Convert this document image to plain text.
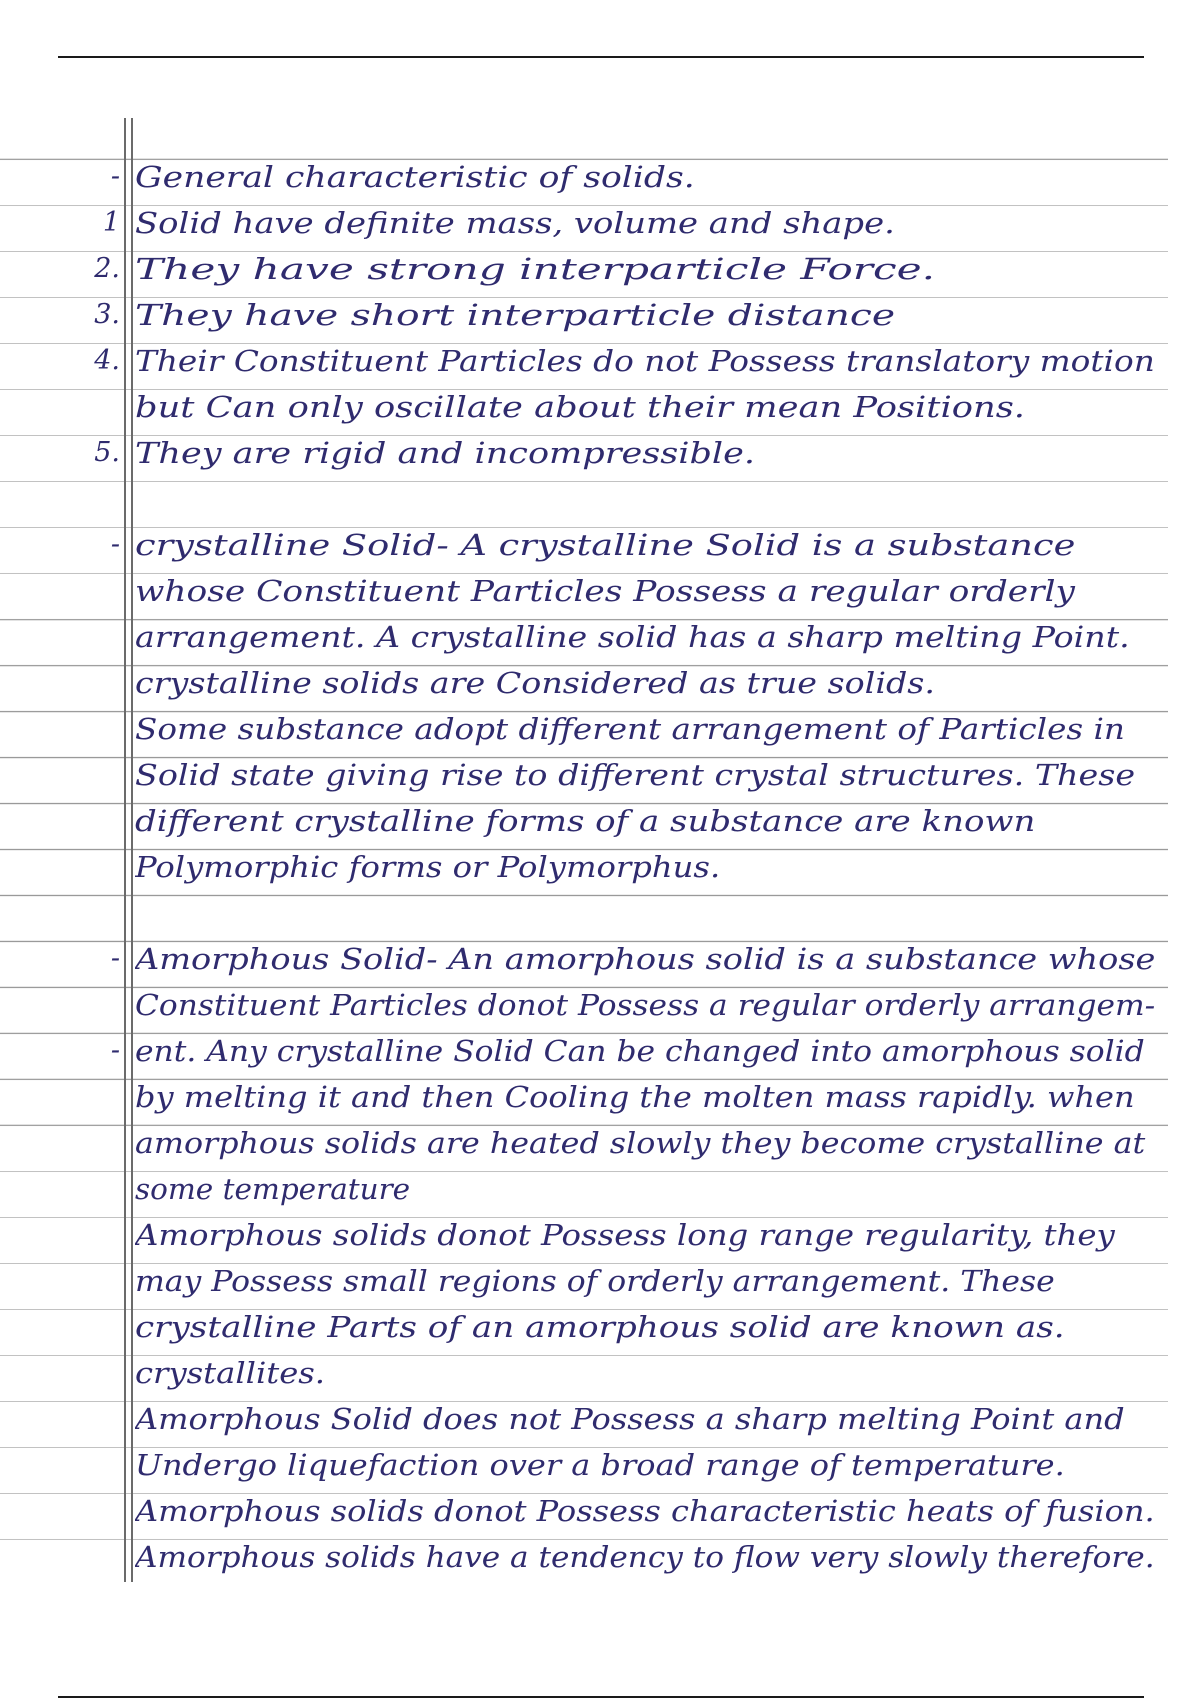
- General characteristic of solids.
1 Solid have definite mass, volume and shape.
2. They have strong interparticle Force.
3. They have short interparticle distance
4. Their Constituent Particles do not Possess translatory motion
but Can only oscillate about their mean Positions.
5. They are rigid and incompressible.
- crystalline Solid- A crystalline Solid is a substance
whose Constituent Particles Possess a regular orderly
arrangement. A crystalline solid has a sharp melting Point.
crystalline solids are Considered as true solids.
Some substance adopt different arrangement of Particles in
Solid state giving rise to different crystal structures. These
different crystalline forms of a substance are known
Polymorphic forms or Polymorphus.
- Amorphous Solid- An amorphous solid is a substance whose
Constituent Particles donot Possess a regular orderly arrangem-
- ent. Any crystalline Solid Can be changed into amorphous solid
by melting it and then Cooling the molten mass rapidly. when
amorphous solids are heated slowly they become crystalline at
some temperature
Amorphous solids donot Possess long range regularity, they
may Possess small regions of orderly arrangement. These
crystalline Parts of an amorphous solid are known as.
crystallites.
Amorphous Solid does not Possess a sharp melting Point and
Undergo liquefaction over a broad range of temperature.
Amorphous solids donot Possess characteristic heats of fusion.
Amorphous solids have a tendency to flow very slowly therefore.
